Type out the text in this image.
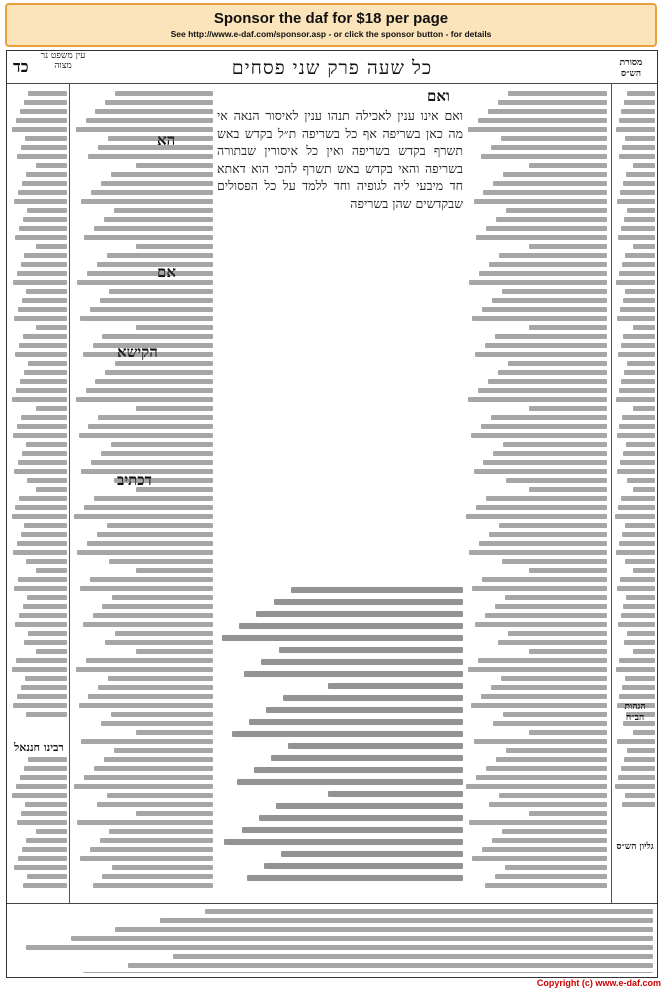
Sponsor the daf for $18 per page
See http://www.e-daf.com/sponsor.asp - or click the sponsor button - for details
כל שעה פרק שני פסחים
כד
עין משפט נר מצוה	מסורת הש״ס
ואם
ואם אינו ענין לאכילה תנהו ענין לאיסור הנאה אי מה כאן בשריפה אף כל בשריפה ת״ל בקדש באש תשרף בקדש בשריפה ואין כל איסורין שבתורה בשריפה והאי בקדש באש תשרף להכי הוא דאתא חד מיבעי ליה לגופיה וחד ללמד על כל הפסולים שבקדשים שהן בשריפה
הא
אם
הקישא
דכתיב
רבינו חננאל
הגהות הב״ח
גליון הש״ס
Copyright (c) www.e-daf.com
